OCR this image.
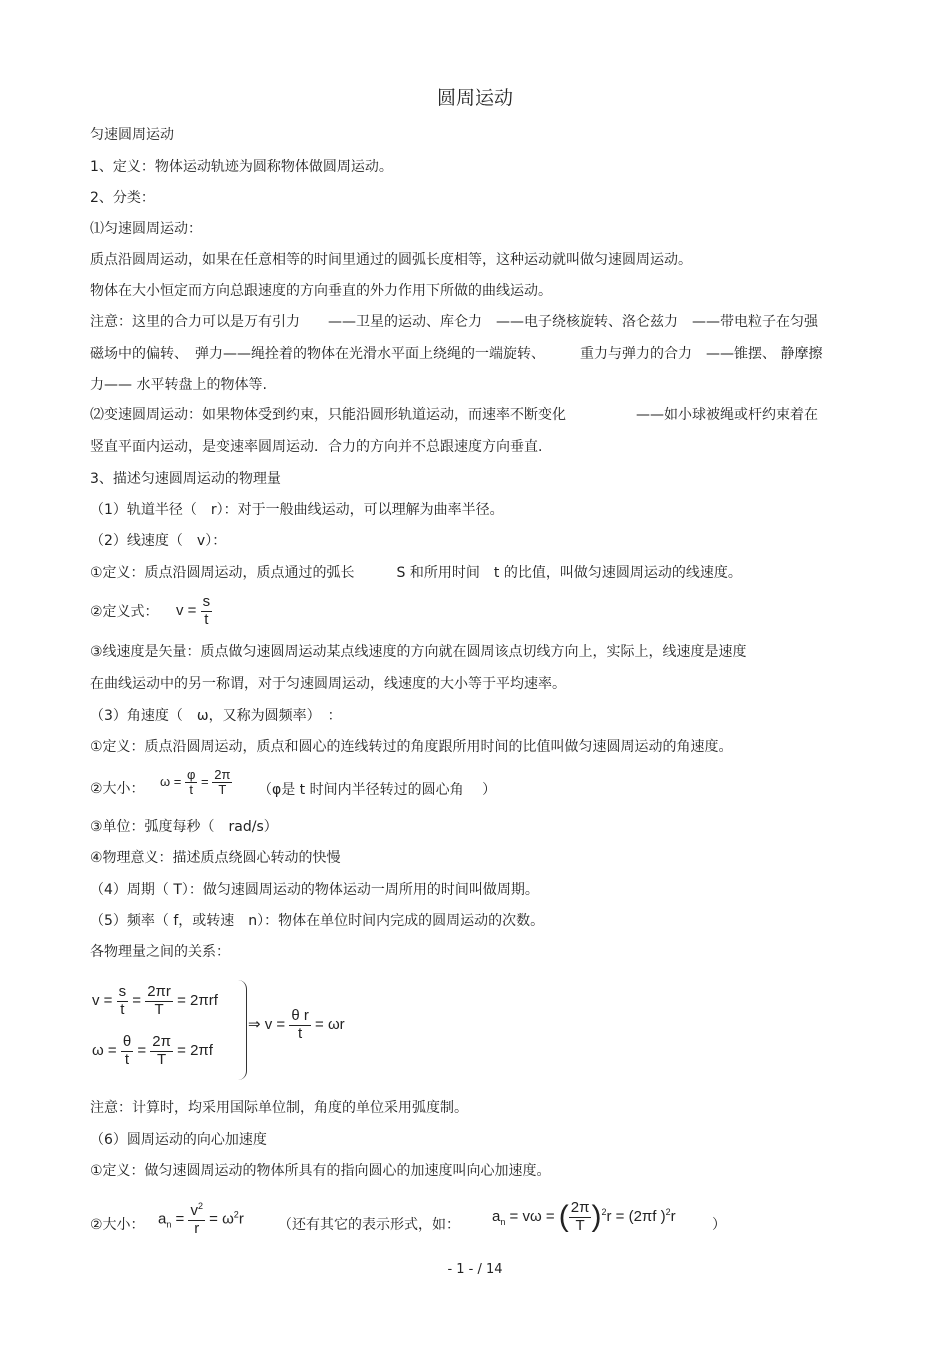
圆周运动
匀速圆周运动
1、定义：物体运动轨迹为圆称物体做圆周运动。
2、分类：
⑴匀速圆周运动：
质点沿圆周运动，如果在任意相等的时间里通过的圆弧长度相等，这种运动就叫做匀速圆周运动。
物体在大小恒定而方向总跟速度的方向垂直的外力作用下所做的曲线运动。
注意：这里的合力可以是万有引力　　——卫星的运动、库仑力　——电子绕核旋转、洛仑兹力　——带电粒子在匀强
磁场中的偏转、　弹力——绳拴着的物体在光滑水平面上绕绳的一端旋转、　　　重力与弹力的合力　——锥摆、 静摩擦
力—— 水平转盘上的物体等.
⑵变速圆周运动：如果物体受到约束，只能沿圆形轨道运动，而速率不断变化　　　　　——如小球被绳或杆约束着在
竖直平面内运动，是变速率圆周运动．合力的方向并不总跟速度方向垂直.
3、描述匀速圆周运动的物理量
（1）轨道半径（　r）：对于一般曲线运动，可以理解为曲率半径。
（2）线速度（　v）：
①定义：质点沿圆周运动，质点通过的弧长　　　S 和所用时间　t 的比值，叫做匀速圆周运动的线速度。
②定义式： $v = \frac{s}{t}$
③线速度是矢量：质点做匀速圆周运动某点线速度的方向就在圆周该点切线方向上，实际上，线速度是速度
在曲线运动中的另一称谓，对于匀速圆周运动，线速度的大小等于平均速率。
（3）角速度（　ω，又称为圆频率）　：
①定义：质点沿圆周运动，质点和圆心的连线转过的角度跟所用时间的比值叫做匀速圆周运动的角速度。
②大小： $\omega = \frac{\varphi}{t} = \frac{2\pi}{T} (\varphi$是 t 时间内半径转过的圆心角　 ）
③单位：弧度每秒（　rad/s）
④物理意义：描述质点绕圆心转动的快慢
（4）周期（ T）：做匀速圆周运动的物体运动一周所用的时间叫做周期。
（5）频率（ f，或转速　n）：物体在单位时间内完成的圆周运动的次数。
各物理量之间的关系：
$v = \frac{s}{t} = \frac{2\pi r}{T} = 2\pi rf$
$\omega = \frac{\theta}{t} = \frac{2\pi}{T} = 2\pi f$
⇒ $v = \frac{\text{θ r}}{t} = \omega r$
注意：计算时，均采用国际单位制，角度的单位采用弧度制。
（6）圆周运动的向心加速度
①定义：做匀速圆周运动的物体所具有的指向圆心的加速度叫向心加速度。
②大小： $a_n = \frac{v^2}{r} = \omega^2r$ （还有其它的表示形式，如：
$a_n = v\omega$ = ( $\frac{2\pi}{T} )^2r = (2\pi f$ )$^2$r
）
- 1 - / 14
